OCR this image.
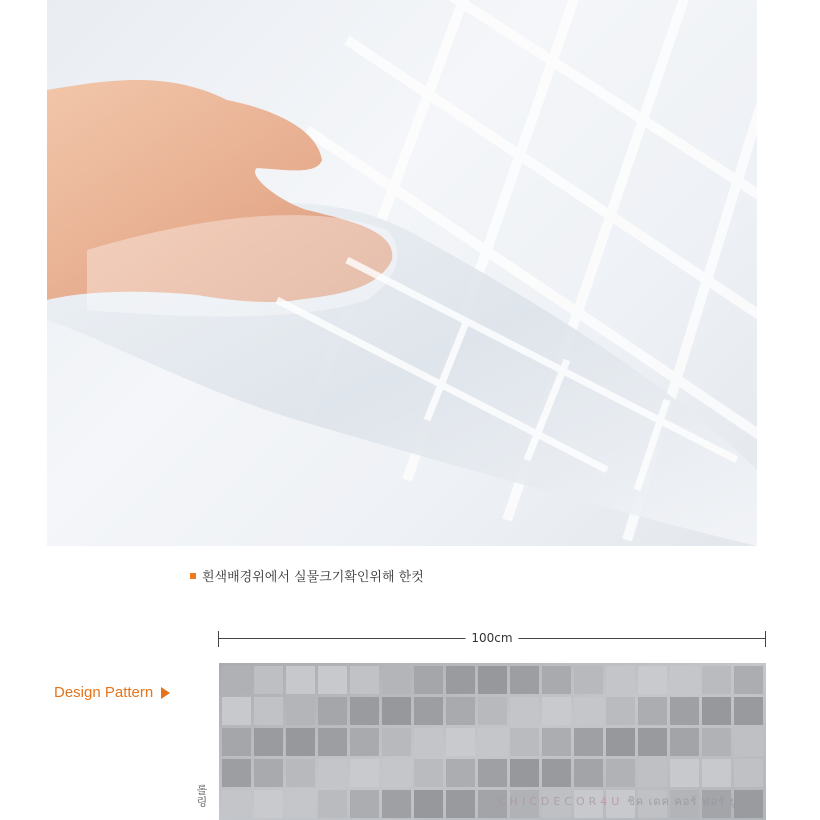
흰색배경위에서 실물크기확인위해 한컷
100cm
Design Pattern
롤링	CHICDECOR4U ชิค เดค คอร์ ฟอร์ ยู
